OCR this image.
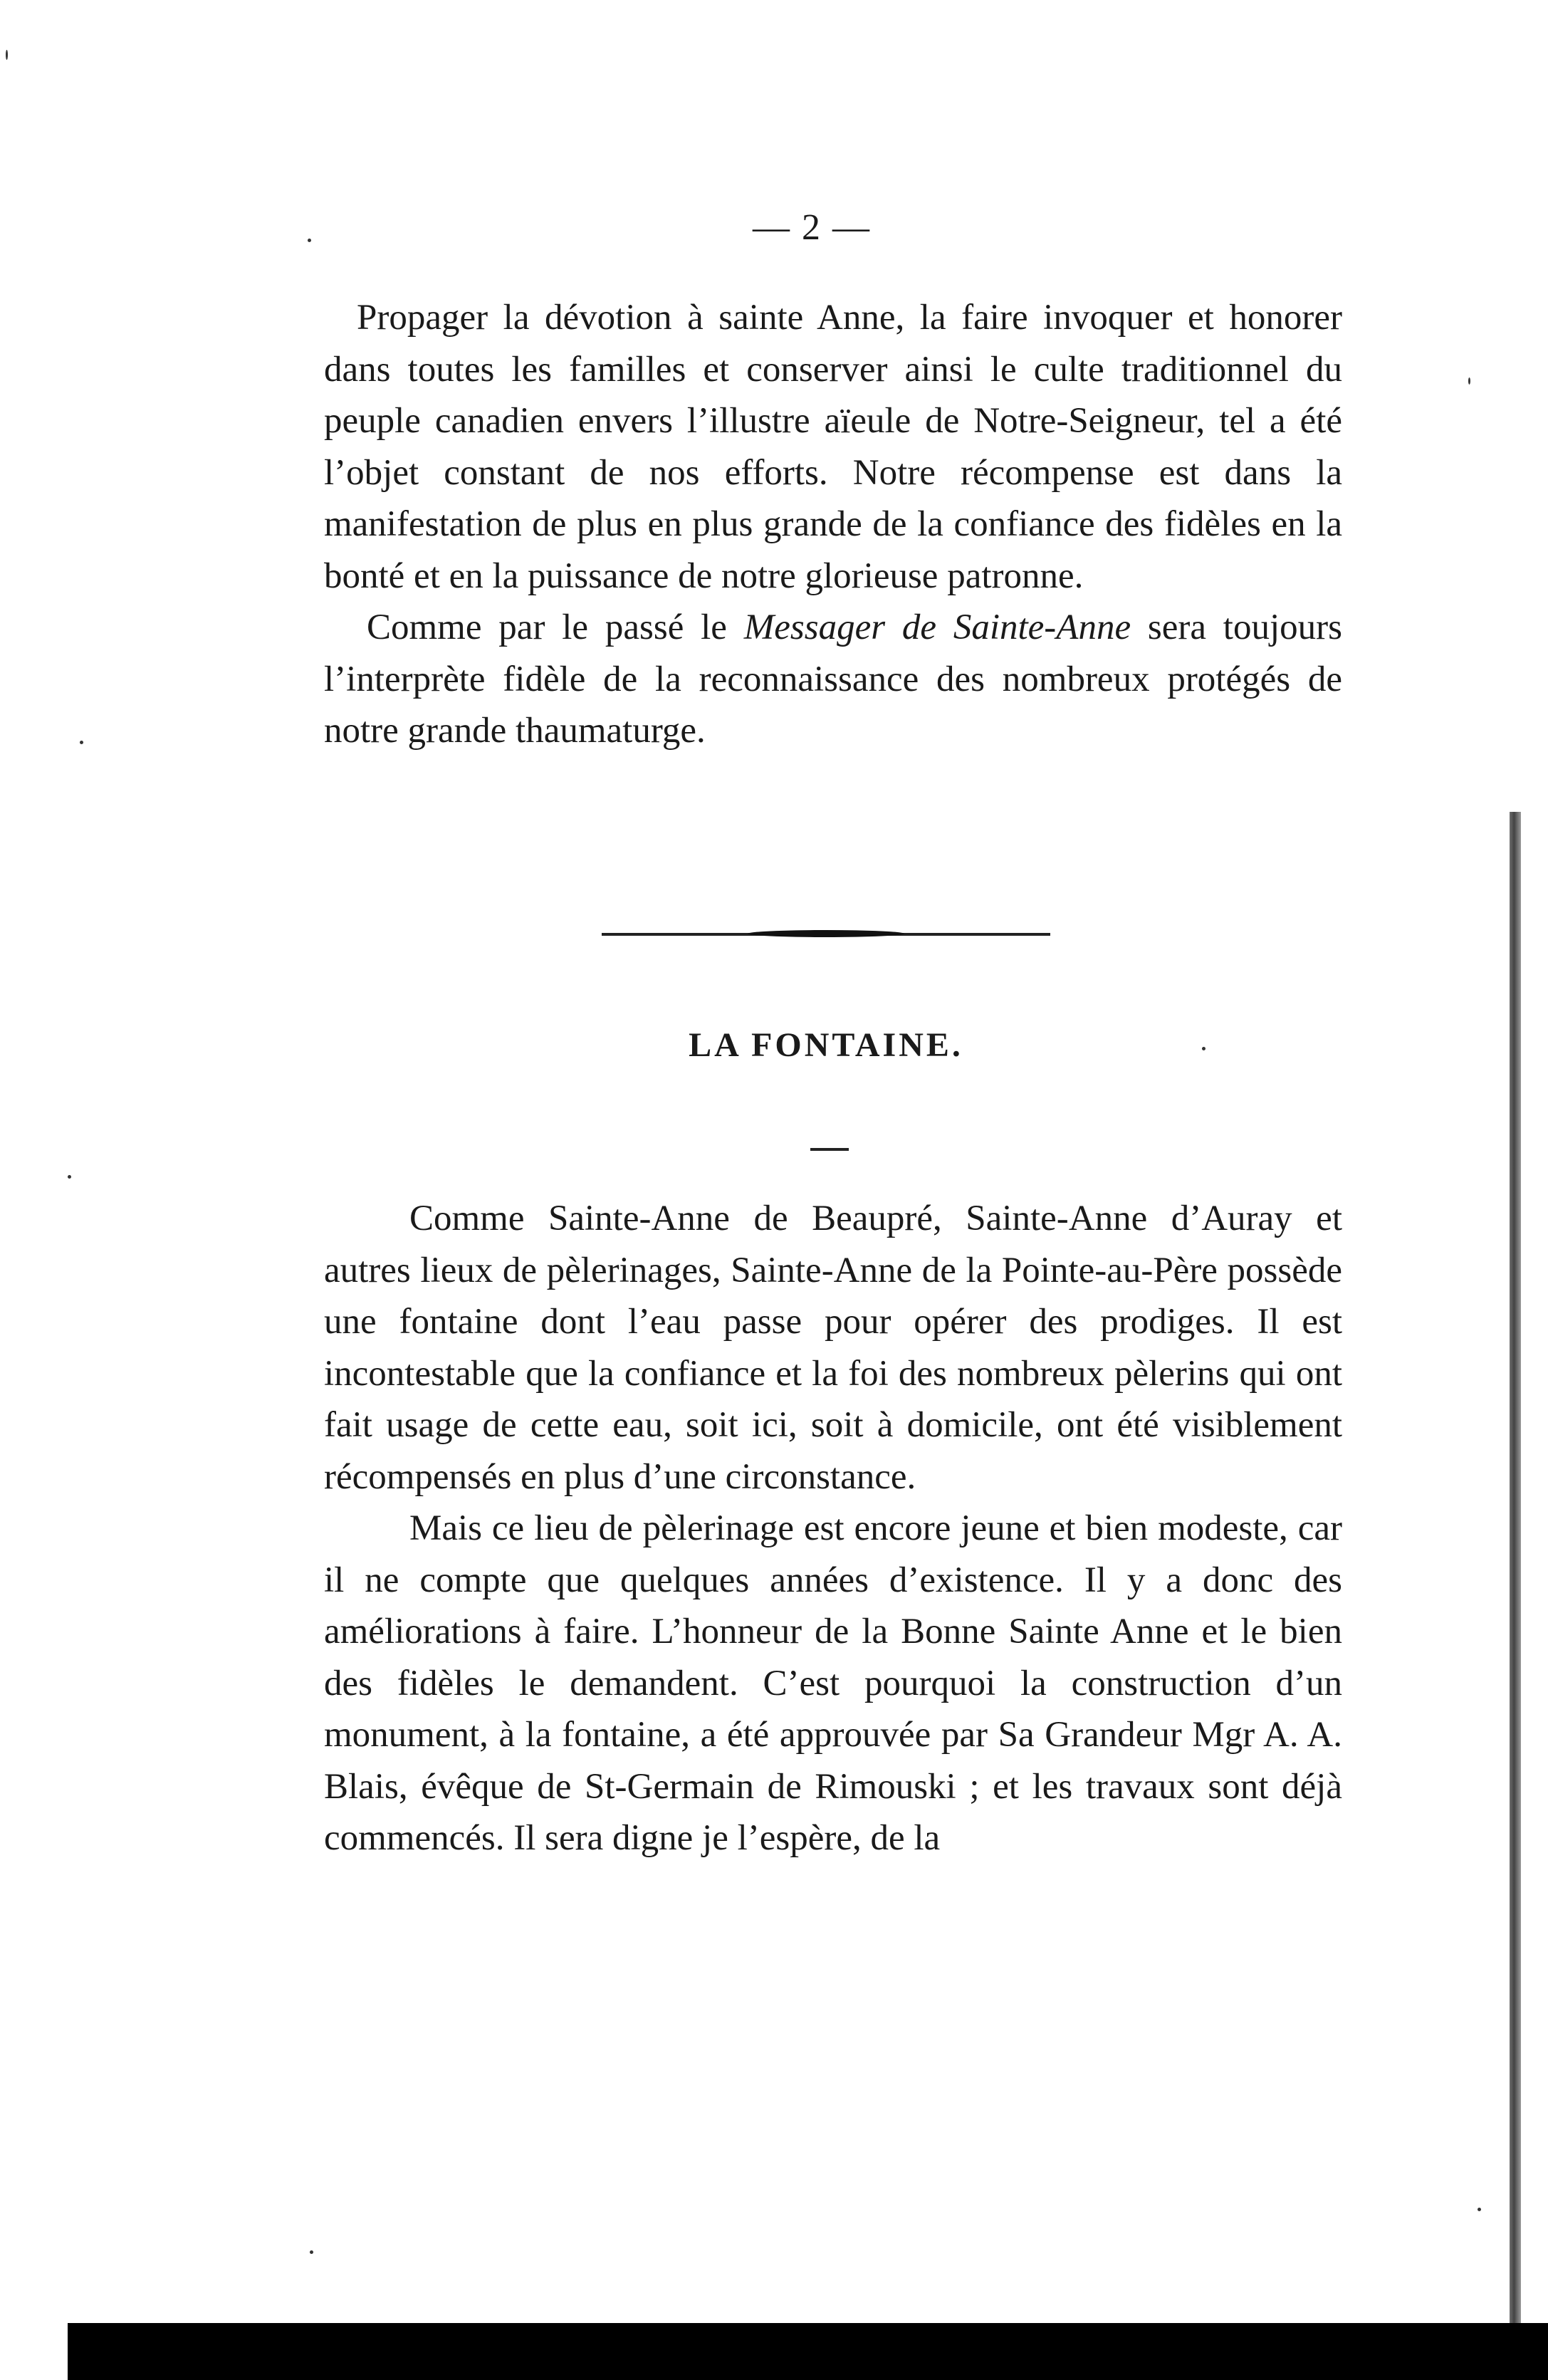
— 2 —

Propager la dévotion à sainte Anne, la faire invoquer et honorer dans toutes les familles et conserver ainsi le culte traditionnel du peuple canadien envers l’illustre aïeule de Notre-Seigneur, tel a été l’objet constant de nos efforts. Notre récompense est dans la manifestation de plus en plus grande de la confiance des fidèles en la bonté et en la puissance de notre glorieuse patronne.

Comme par le passé le Messager de Sainte-Anne sera toujours l’interprète fidèle de la reconnaissance des nombreux protégés de notre grande thaumaturge.

LA FONTAINE.

Comme Sainte-Anne de Beaupré, Sainte-Anne d’Auray et autres lieux de pèlerinages, Sainte-Anne de la Pointe-au-Père possède une fontaine dont l’eau passe pour opérer des prodiges. Il est incontestable que la confiance et la foi des nombreux pèlerins qui ont fait usage de cette eau, soit ici, soit à domicile, ont été visiblement récompensés en plus d’une circonstance.

Mais ce lieu de pèlerinage est encore jeune et bien modeste, car il ne compte que quelques années d’existence. Il y a donc des améliorations à faire. L’honneur de la Bonne Sainte Anne et le bien des fidèles le demandent. C’est pourquoi la construction d’un monument, à la fontaine, a été approuvée par Sa Grandeur Mgr A. A. Blais, évêque de St-Germain de Rimouski ; et les travaux sont déjà commencés. Il sera digne je l’espère, de la
